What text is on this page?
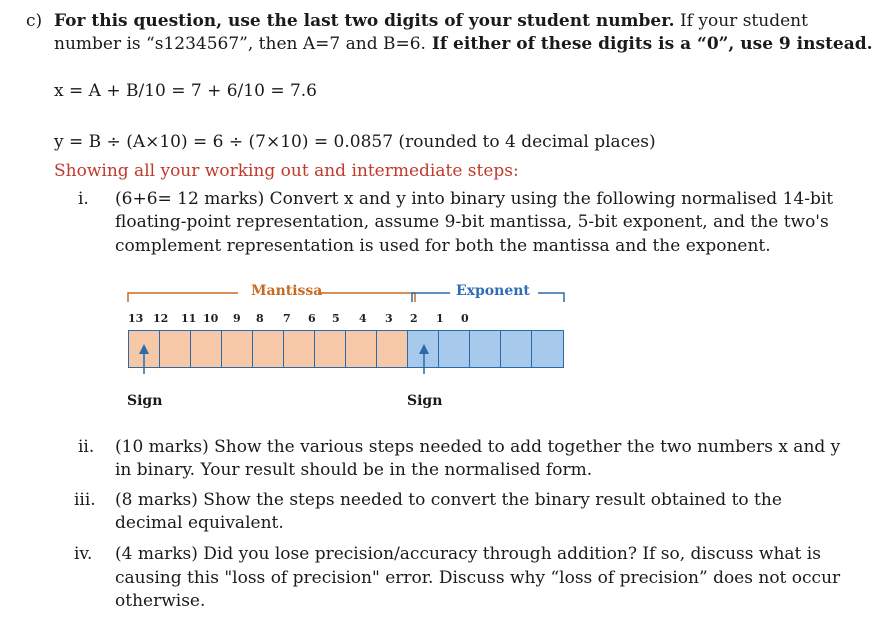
c) For this question, use the last two digits of your student number. If your student
number is “s1234567”, then A=7 and B=6. If either of these digits is a “0”, use 9 instead.
x = A + B/10 = 7 + 6/10 = 7.6
y = B ÷ (A×10) = 6 ÷ (7×10) = 0.0857 (rounded to 4 decimal places)
Showing all your working out and intermediate steps:
i. (6+6= 12 marks) Convert x and y into binary using the following normalised 14-bit
floating-point representation, assume 9-bit mantissa, 5-bit exponent, and the two's
complement representation is used for both the mantissa and the exponent.
Mantissa	Exponent
13 12 11 10 9 8 7 6 5 4 3 2 1 0
Sign	Sign
ii. (10 marks) Show the various steps needed to add together the two numbers x and y
in binary. Your result should be in the normalised form.
iii. (8 marks) Show the steps needed to convert the binary result obtained to the
decimal equivalent.
iv. (4 marks) Did you lose precision/accuracy through addition? If so, discuss what is
causing this "loss of precision" error. Discuss why “loss of precision” does not occur
otherwise.
